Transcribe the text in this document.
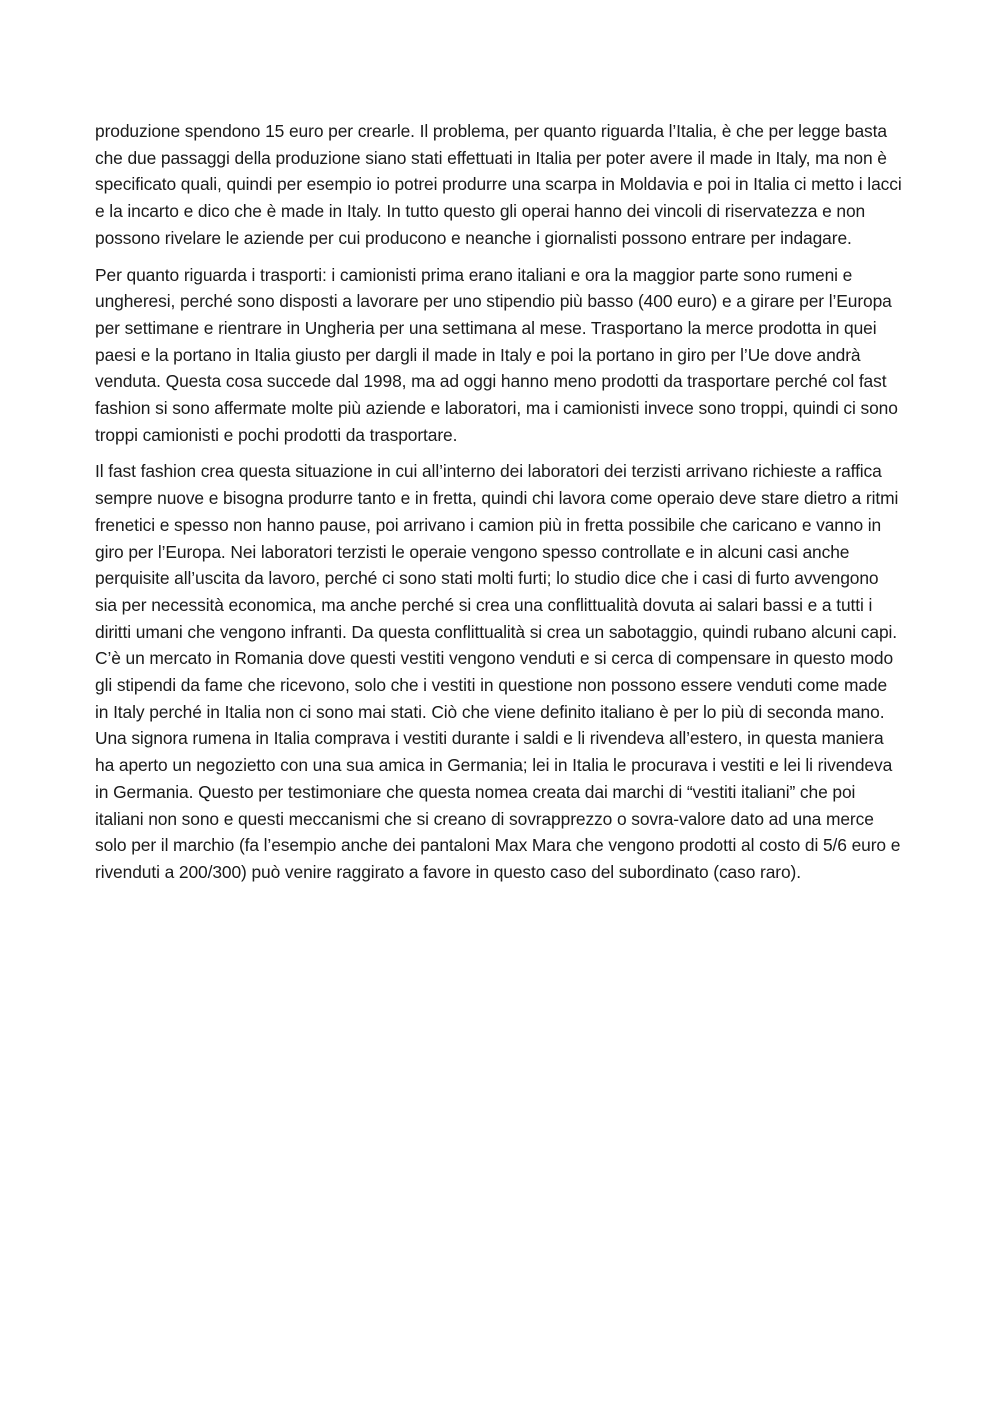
produzione spendono 15 euro per crearle. Il problema, per quanto riguarda l’Italia, è che per legge basta che due passaggi della produzione siano stati effettuati in Italia per poter avere il made in Italy, ma non è specificato quali, quindi per esempio io potrei produrre una scarpa in Moldavia e poi in Italia ci metto i lacci e la incarto e dico che è made in Italy. In tutto questo gli operai hanno dei vincoli di riservatezza e non possono rivelare le aziende per cui producono e neanche i giornalisti possono entrare per indagare.

Per quanto riguarda i trasporti: i camionisti prima erano italiani e ora la maggior parte sono rumeni e ungheresi, perché sono disposti a lavorare per uno stipendio più basso (400 euro) e a girare per l’Europa per settimane e rientrare in Ungheria per una settimana al mese. Trasportano la merce prodotta in quei paesi e la portano in Italia giusto per dargli il made in Italy e poi la portano in giro per l’Ue dove andrà venduta. Questa cosa succede dal 1998, ma ad oggi hanno meno prodotti da trasportare perché col fast fashion si sono affermate molte più aziende e laboratori, ma i camionisti invece sono troppi, quindi ci sono troppi camionisti e pochi prodotti da trasportare.

Il fast fashion crea questa situazione in cui all’interno dei laboratori dei terzisti arrivano richieste a raffica sempre nuove e bisogna produrre tanto e in fretta, quindi chi lavora come operaio deve stare dietro a ritmi frenetici e spesso non hanno pause, poi arrivano i camion più in fretta possibile che caricano e vanno in giro per l’Europa. Nei laboratori terzisti le operaie vengono spesso controllate e in alcuni casi anche perquisite all’uscita da lavoro, perché ci sono stati molti furti; lo studio dice che i casi di furto avvengono sia per necessità economica, ma anche perché si crea una conflittualità dovuta ai salari bassi e a tutti i diritti umani che vengono infranti. Da questa conflittualità si crea un sabotaggio, quindi rubano alcuni capi. C’è un mercato in Romania dove questi vestiti vengono venduti e si cerca di compensare in questo modo gli stipendi da fame che ricevono, solo che i vestiti in questione non possono essere venduti come made in Italy perché in Italia non ci sono mai stati. Ciò che viene definito italiano è per lo più di seconda mano. Una signora rumena in Italia comprava i vestiti durante i saldi e li rivendeva all’estero, in questa maniera ha aperto un negozietto con una sua amica in Germania; lei in Italia le procurava i vestiti e lei li rivendeva in Germania. Questo per testimoniare che questa nomea creata dai marchi di “vestiti italiani” che poi italiani non sono e questi meccanismi che si creano di sovrapprezzo o sovra-valore dato ad una merce solo per il marchio (fa l’esempio anche dei pantaloni Max Mara che vengono prodotti al costo di 5/6 euro e rivenduti a 200/300) può venire raggirato a favore in questo caso del subordinato (caso raro).
